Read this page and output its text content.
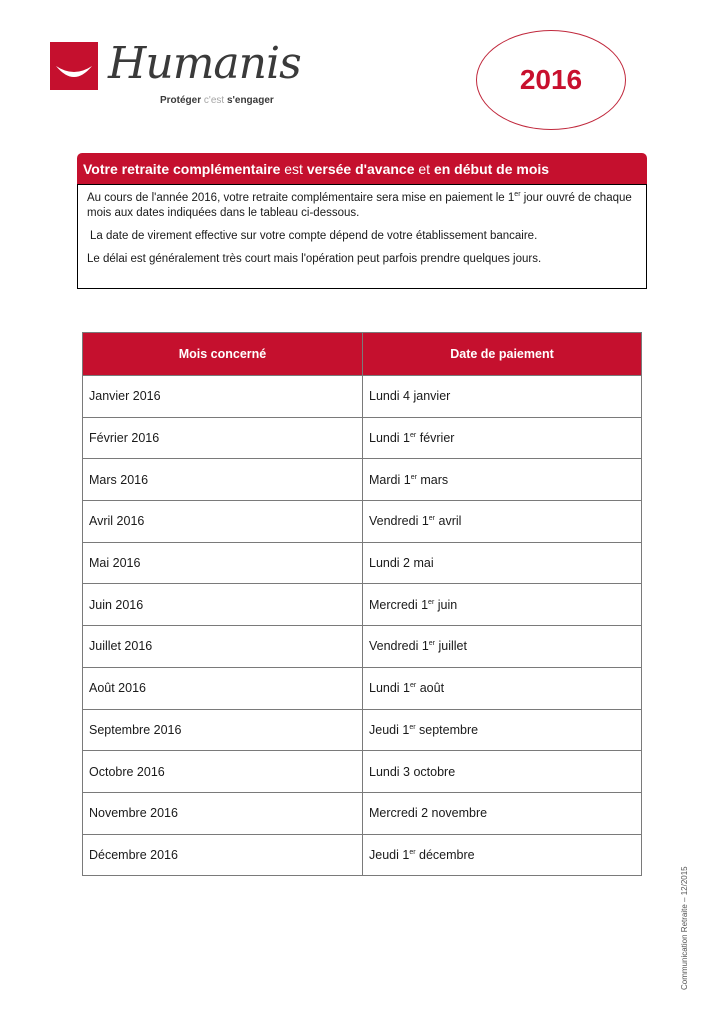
Humanis
Protéger c'est s'engager
2016
Votre retraite complémentaire est versée d'avance et en début de mois

Au cours de l'année 2016, votre retraite complémentaire sera mise en paiement le 1er jour ouvré de chaque mois aux dates indiquées dans le tableau ci-dessous.

La date de virement effective sur votre compte dépend de votre établissement bancaire.

Le délai est généralement très court mais l'opération peut parfois prendre quelques jours.

Mois concerné	Date de paiement
Janvier 2016	Lundi 4 janvier
Février 2016	Lundi 1er février
Mars 2016	Mardi 1er mars
Avril 2016	Vendredi 1er avril
Mai 2016	Lundi 2 mai
Juin 2016	Mercredi 1er juin
Juillet 2016	Vendredi 1er juillet
Août 2016	Lundi 1er août
Septembre 2016	Jeudi 1er septembre
Octobre 2016	Lundi 3 octobre
Novembre 2016	Mercredi 2 novembre
Décembre 2016	Jeudi 1er décembre
Communication Retraite – 12/2015
